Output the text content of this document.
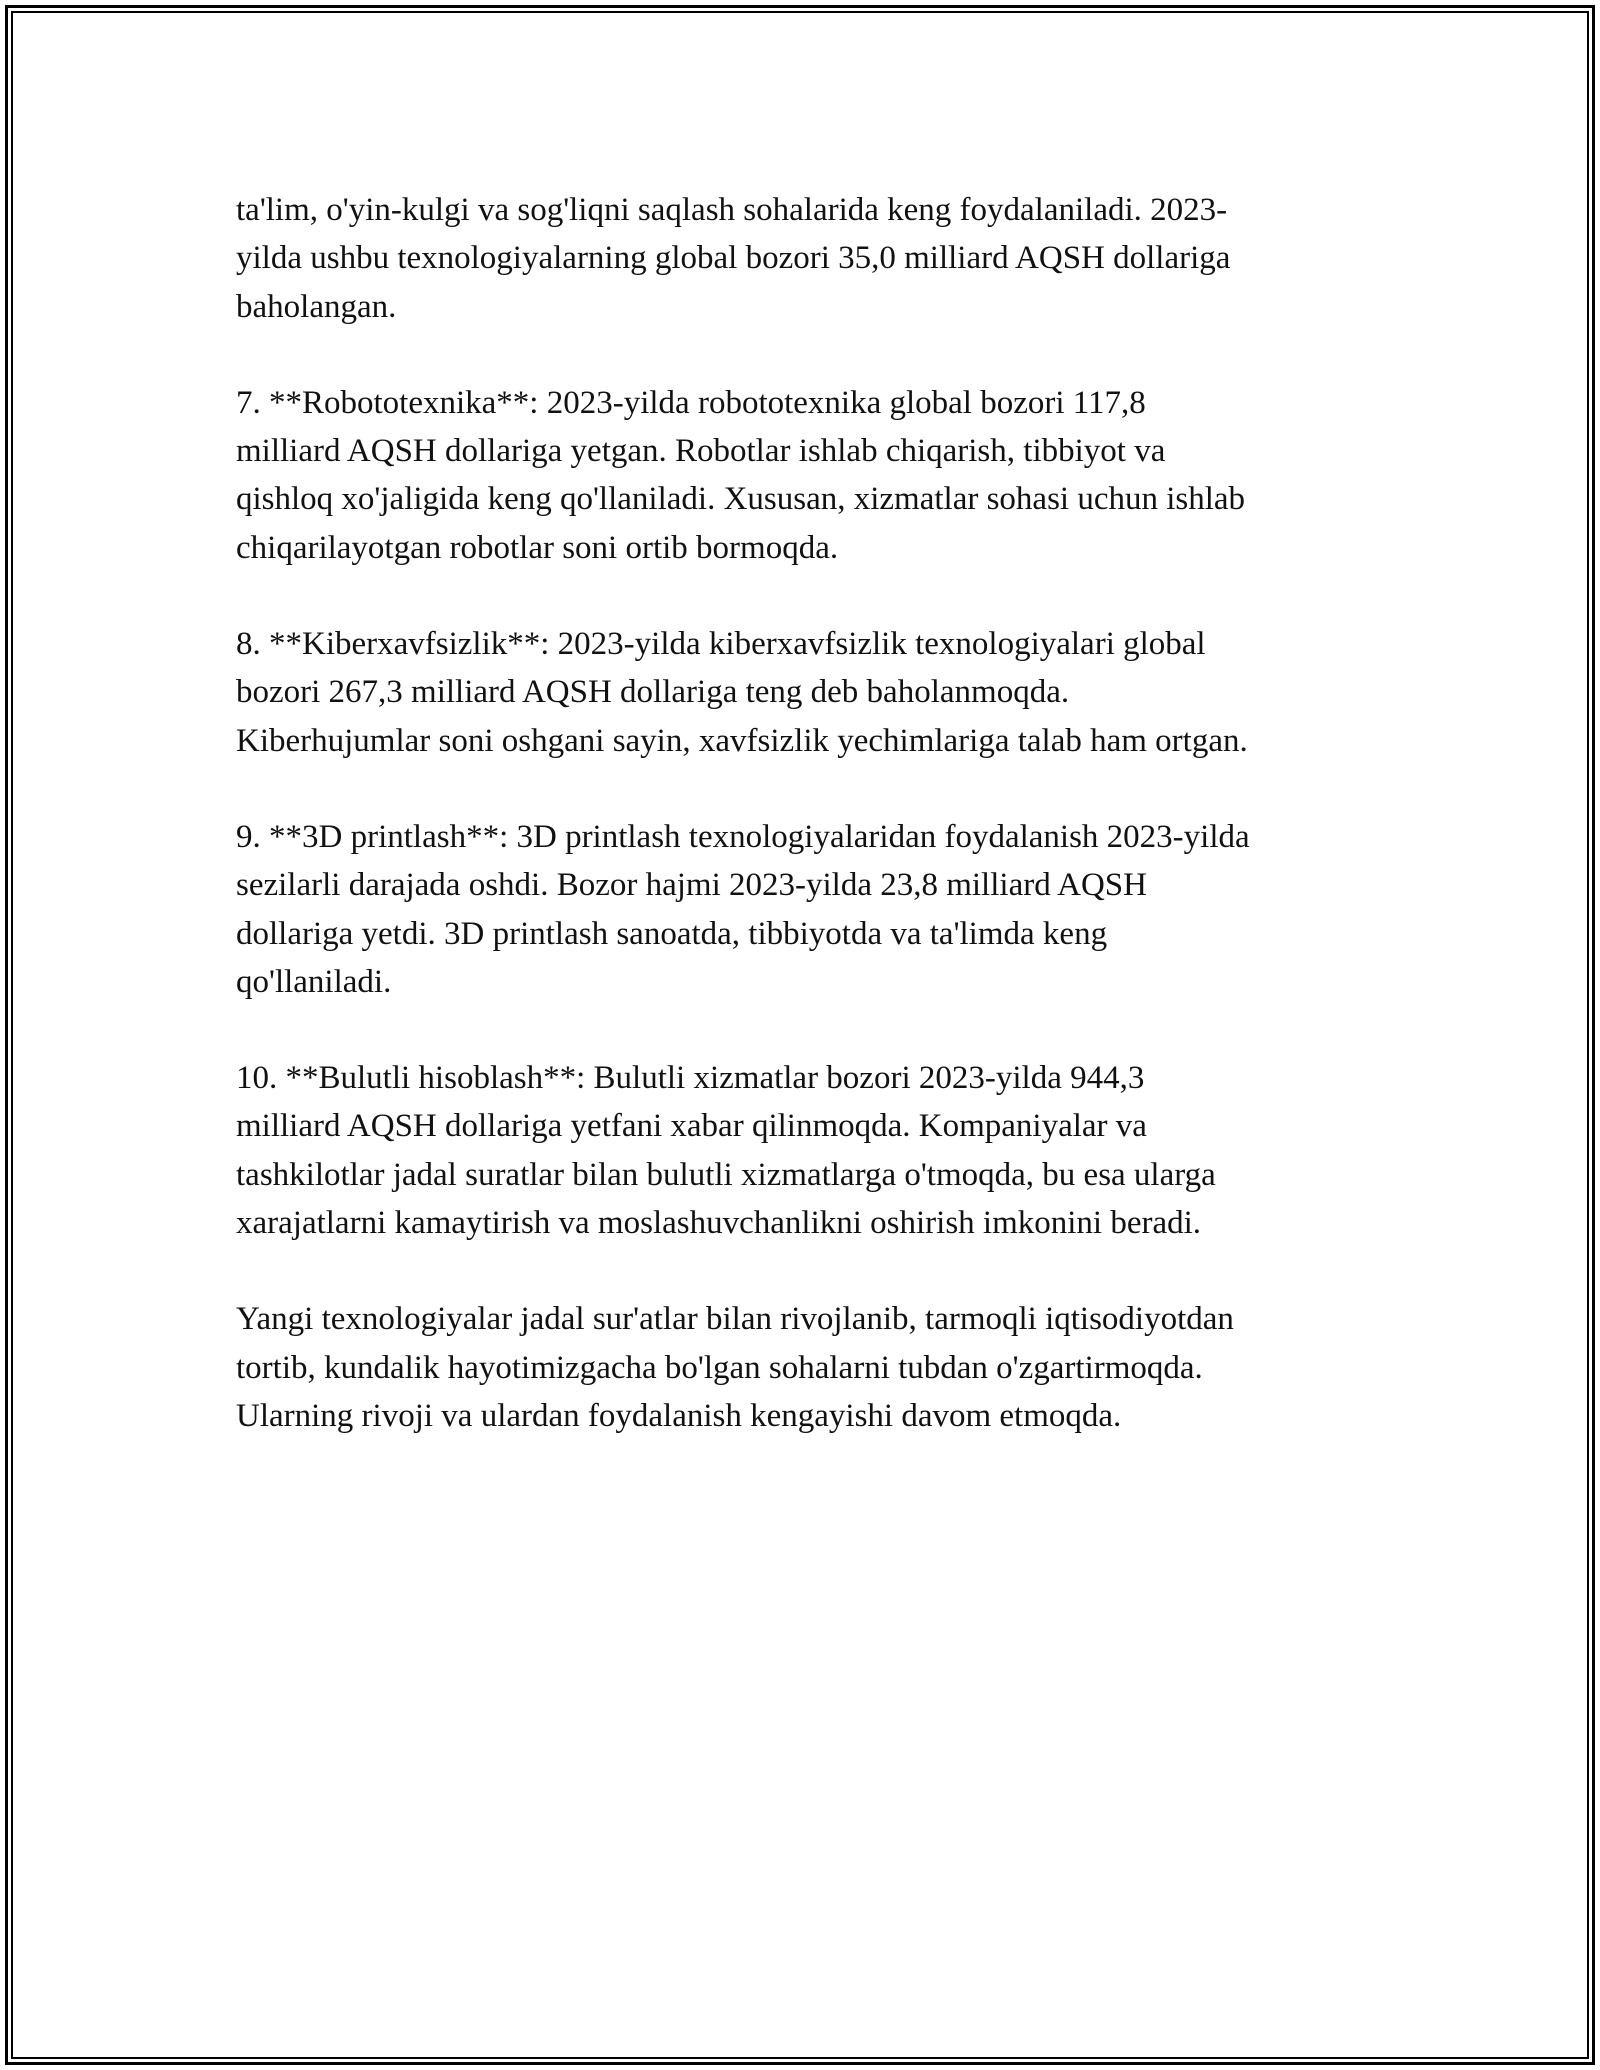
ta'lim, o'yin-kulgi va sog'liqni saqlash sohalarida keng foydalaniladi. 2023-
yilda ushbu texnologiyalarning global bozori 35,0 milliard AQSH dollariga
baholangan.

7. **Robototexnika**: 2023-yilda robototexnika global bozori 117,8
milliard AQSH dollariga yetgan. Robotlar ishlab chiqarish, tibbiyot va
qishloq xo'jaligida keng qo'llaniladi. Xususan, xizmatlar sohasi uchun ishlab
chiqarilayotgan robotlar soni ortib bormoqda.

8. **Kiberxavfsizlik**: 2023-yilda kiberxavfsizlik texnologiyalari global
bozori 267,3 milliard AQSH dollariga teng deb baholanmoqda.
Kiberhujumlar soni oshgani sayin, xavfsizlik yechimlariga talab ham ortgan.

9. **3D printlash**: 3D printlash texnologiyalaridan foydalanish 2023-yilda
sezilarli darajada oshdi. Bozor hajmi 2023-yilda 23,8 milliard AQSH
dollariga yetdi. 3D printlash sanoatda, tibbiyotda va ta'limda keng
qo'llaniladi.

10. **Bulutli hisoblash**: Bulutli xizmatlar bozori 2023-yilda 944,3
milliard AQSH dollariga yetfani xabar qilinmoqda. Kompaniyalar va
tashkilotlar jadal suratlar bilan bulutli xizmatlarga o'tmoqda, bu esa ularga
xarajatlarni kamaytirish va moslashuvchanlikni oshirish imkonini beradi.

Yangi texnologiyalar jadal sur'atlar bilan rivojlanib, tarmoqli iqtisodiyotdan
tortib, kundalik hayotimizgacha bo'lgan sohalarni tubdan o'zgartirmoqda.
Ularning rivoji va ulardan foydalanish kengayishi davom etmoqda.
